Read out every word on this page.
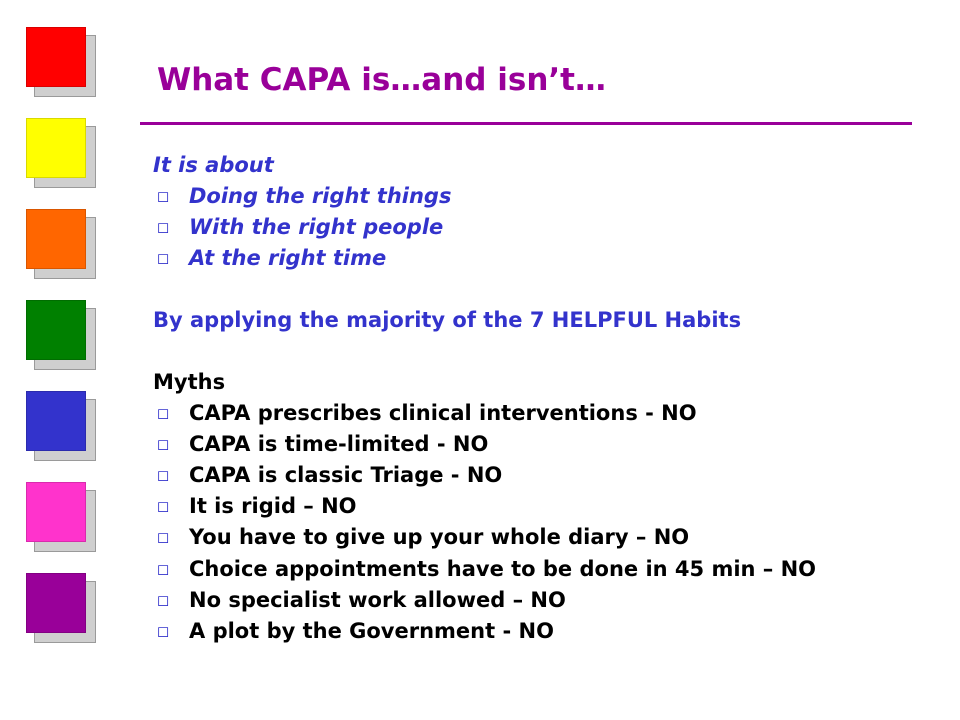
What CAPA is…and isn’t…

It is about

◻ Doing the right things

◻ With the right people

◻ At the right time

By applying the majority of the 7 HELPFUL Habits

Myths

◻ CAPA prescribes clinical interventions - NO

◻ CAPA is time-limited - NO

◻ CAPA is classic Triage - NO

◻ It is rigid – NO

◻ You have to give up your whole diary – NO

◻ Choice appointments have to be done in 45 min – NO

◻ No specialist work allowed – NO

◻ A plot by the Government - NO
